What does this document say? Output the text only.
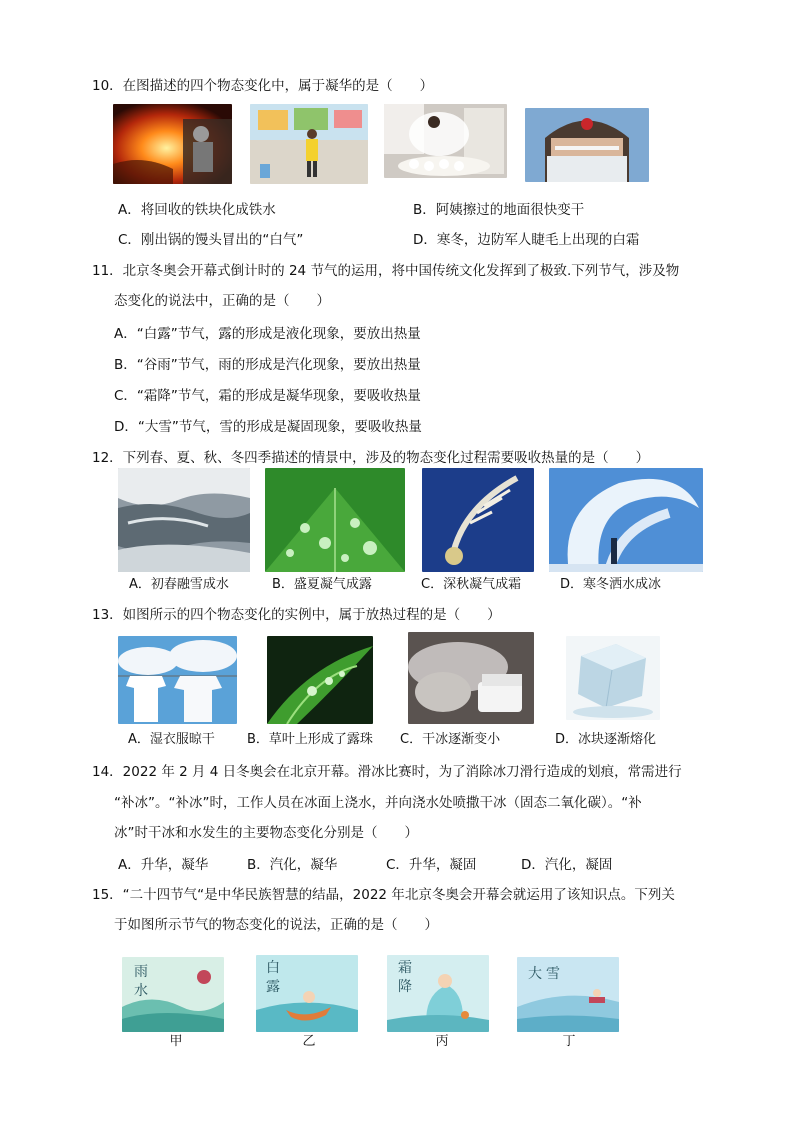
10．在图描述的四个物态变化中，属于凝华的是（　　）
A．将回收的铁块化成铁水	B．阿姨擦过的地面很快变干
C．刚出锅的馒头冒出的“白气”	D．寒冬，边防军人睫毛上出现的白霜
11．北京冬奥会开幕式倒计时的 24 节气的运用，将中国传统文化发挥到了极致.下列节气，涉及物
态变化的说法中，正确的是（　　）
A．“白露”节气，露的形成是液化现象，要放出热量
B．“谷雨”节气，雨的形成是汽化现象，要放出热量
C．“霜降”节气，霜的形成是凝华现象，要吸收热量
D．“大雪”节气，雪的形成是凝固现象，要吸收热量
12．下列春、夏、秋、冬四季描述的情景中，涉及的物态变化过程需要吸收热量的是（　　）
A．初春融雪成水	B．盛夏凝气成露	C．深秋凝气成霜	D．寒冬洒水成冰
13．如图所示的四个物态变化的实例中，属于放热过程的是（　　）
A．湿衣服晾干 B．草叶上形成了露珠 C．干冰逐渐变小	D．冰块逐渐熔化
14．2022 年 2 月 4 日冬奥会在北京开幕。滑冰比赛时，为了消除冰刀滑行造成的划痕，常需进行
“补冰”。“补冰”时，工作人员在冰面上浇水，并向浇水处喷撒干冰（固态二氧化碳）。“补
冰”时干冰和水发生的主要物态变化分别是（　　）
A．升华，凝华	B．汽化，凝华	C．升华，凝固	D．汽化，凝固
15．“二十四节气“是中华民族智慧的结晶，2022 年北京冬奥会开幕会就运用了该知识点。下列关
于如图所示节气的物态变化的说法，正确的是（　　）
雨
水
白
露
霜
降
大 雪
甲	乙	丙	丁
